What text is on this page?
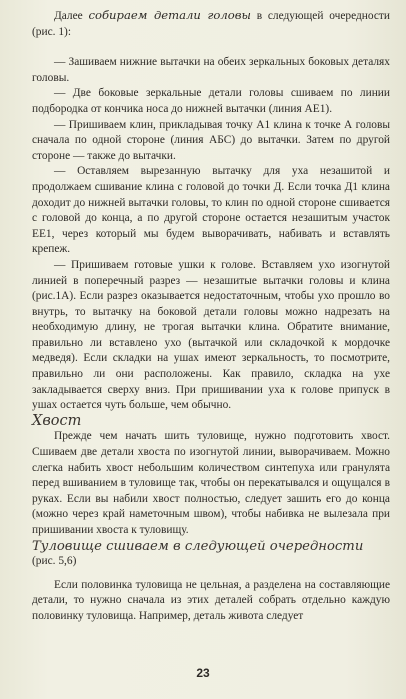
Далее собираем детали головы в следующей очередности (рис. 1):

— Зашиваем нижние вытачки на обеих зеркальных боковых деталях головы.

— Две боковые зеркальные детали головы сшиваем по линии подбородка от кончика носа до нижней вытачки (линия АЕ1).

— Пришиваем клин, прикладывая точку А1 клина к точке А головы сначала по одной стороне (линия АБС) до вытачки. Затем по другой стороне — также до вытачки.

— Оставляем вырезанную вытачку для уха незашитой и продолжаем сшивание клина с головой до точки Д. Если точка Д1 клина доходит до нижней вытачки головы, то клин по одной стороне сшивается с головой до конца, а по другой стороне остается незашитым участок ЕЕ1, через который мы будем выворачивать, набивать и вставлять крепеж.

— Пришиваем готовые ушки к голове. Вставляем ухо изогнутой линией в поперечный разрез — незашитые вытачки головы и клина (рис.1А). Если разрез оказывается недостаточным, чтобы ухо прошло во внутрь, то вытачку на боковой детали головы можно надрезать на необходимую длину, не трогая вытачки клина. Обратите внимание, правильно ли вставлено ухо (вытачкой или складочкой к мордочке медведя). Если складки на ушах имеют зеркальность, то посмотрите, правильно ли они расположены. Как правило, складка на ухе закладывается сверху вниз. При пришивании уха к голове припуск в ушах остается чуть больше, чем обычно.

Хвост

Прежде чем начать шить туловище, нужно подготовить хвост. Сшиваем две детали хвоста по изогнутой линии, выворачиваем. Можно слегка набить хвост небольшим количеством синтепуха или гранулята перед вшиванием в туловище так, чтобы он перекатывался и ощущался в руках. Если вы набили хвост полностью, следует зашить его до конца (можно через край наметочным швом), чтобы набивка не вылезала при пришивании хвоста к туловищу.

Туловище сшиваем в следующей очередности

(рис. 5,6)

Если половинка туловища не цельная, а разделена на составляющие детали, то нужно сначала из этих деталей собрать отдельно каждую половинку туловища. Например, деталь живота следует

23
